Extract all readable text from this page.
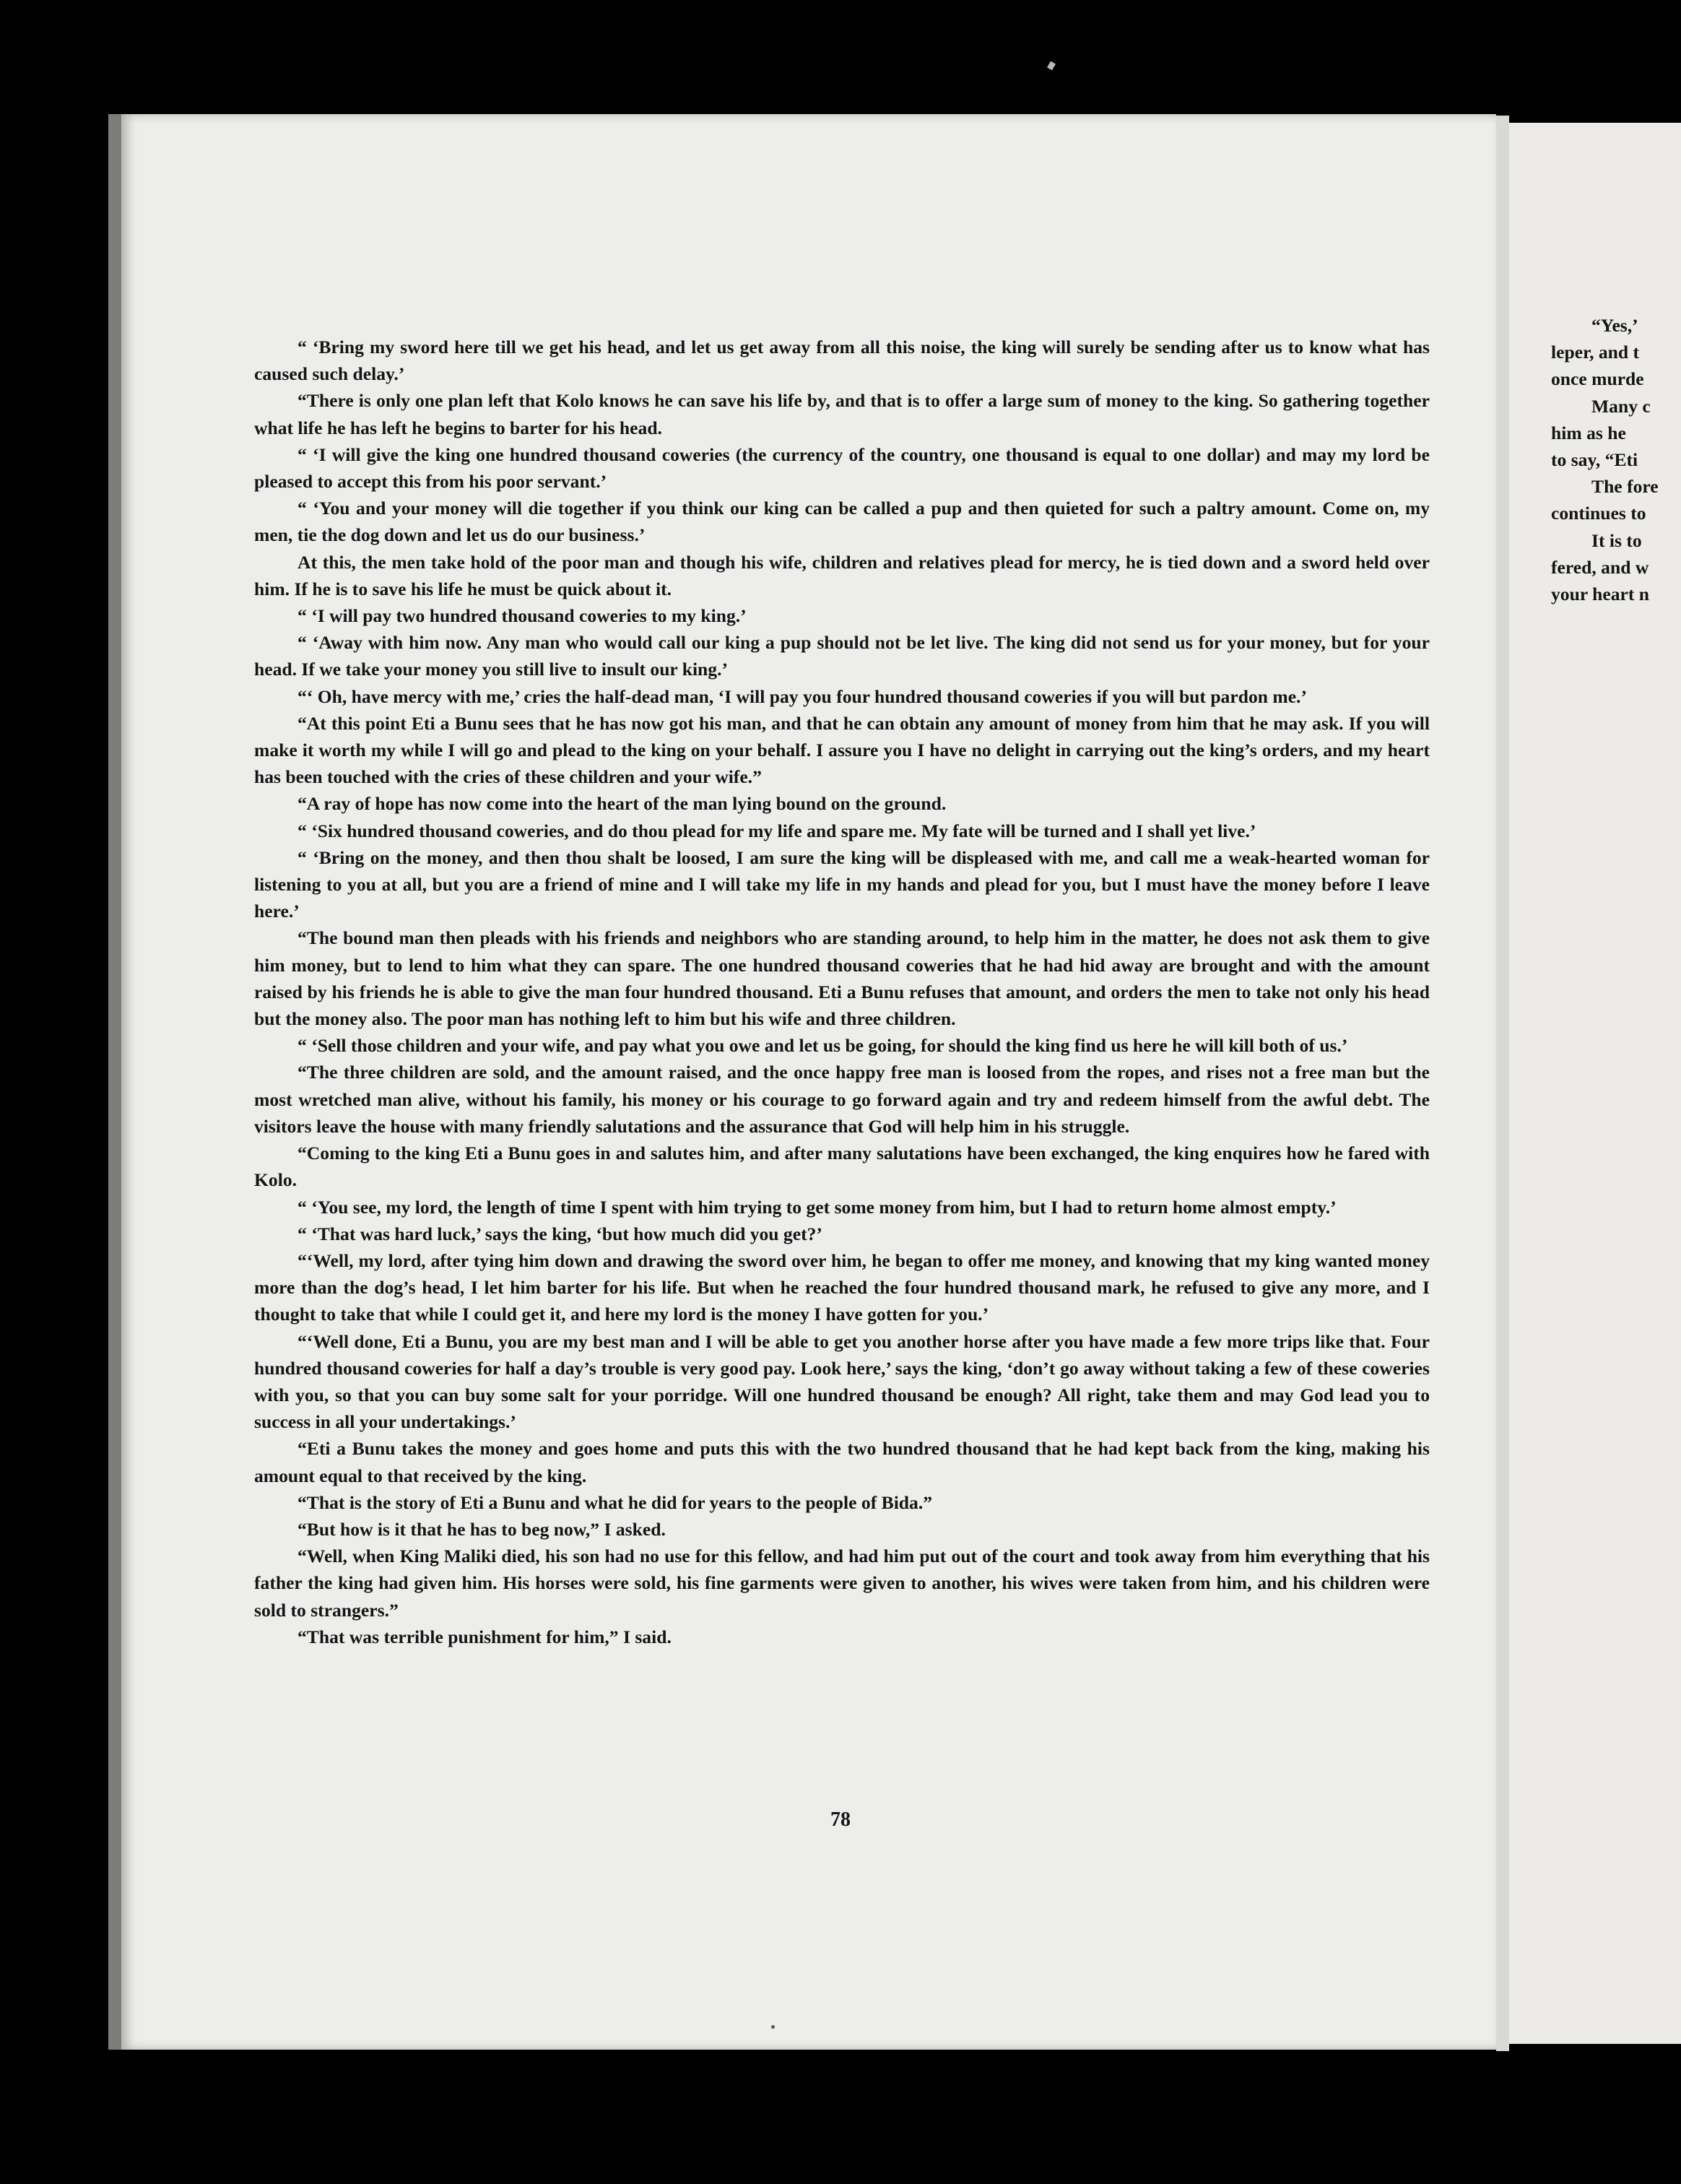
“ ‘Bring my sword here till we get his head, and let us get away from all this noise, the king will surely be sending after us to know what has caused such delay.’

“There is only one plan left that Kolo knows he can save his life by, and that is to offer a large sum of money to the king. So gathering together what life he has left he begins to barter for his head.

“ ‘I will give the king one hundred thousand coweries (the currency of the country, one thousand is equal to one dollar) and may my lord be pleased to accept this from his poor servant.’

“ ‘You and your money will die together if you think our king can be called a pup and then quieted for such a paltry amount. Come on, my men, tie the dog down and let us do our business.’

At this, the men take hold of the poor man and though his wife, children and relatives plead for mercy, he is tied down and a sword held over him. If he is to save his life he must be quick about it.

“ ‘I will pay two hundred thousand coweries to my king.’

“ ‘Away with him now. Any man who would call our king a pup should not be let live. The king did not send us for your money, but for your head. If we take your money you still live to insult our king.’

“‘ Oh, have mercy with me,’ cries the half-dead man, ‘I will pay you four hundred thousand coweries if you will but pardon me.’

“At this point Eti a Bunu sees that he has now got his man, and that he can obtain any amount of money from him that he may ask. If you will make it worth my while I will go and plead to the king on your behalf. I assure you I have no delight in carrying out the king’s orders, and my heart has been touched with the cries of these children and your wife.”

“A ray of hope has now come into the heart of the man lying bound on the ground.

“ ‘Six hundred thousand coweries, and do thou plead for my life and spare me. My fate will be turned and I shall yet live.’

“ ‘Bring on the money, and then thou shalt be loosed, I am sure the king will be displeased with me, and call me a weak-hearted woman for listening to you at all, but you are a friend of mine and I will take my life in my hands and plead for you, but I must have the money before I leave here.’

“The bound man then pleads with his friends and neighbors who are standing around, to help him in the matter, he does not ask them to give him money, but to lend to him what they can spare. The one hundred thousand coweries that he had hid away are brought and with the amount raised by his friends he is able to give the man four hundred thousand. Eti a Bunu refuses that amount, and orders the men to take not only his head but the money also. The poor man has nothing left to him but his wife and three children.

“ ‘Sell those children and your wife, and pay what you owe and let us be going, for should the king find us here he will kill both of us.’

“The three children are sold, and the amount raised, and the once happy free man is loosed from the ropes, and rises not a free man but the most wretched man alive, without his family, his money or his courage to go forward again and try and redeem himself from the awful debt. The visitors leave the house with many friendly salutations and the assurance that God will help him in his struggle.

“Coming to the king Eti a Bunu goes in and salutes him, and after many salutations have been exchanged, the king enquires how he fared with Kolo.

“ ‘You see, my lord, the length of time I spent with him trying to get some money from him, but I had to return home almost empty.’

“ ‘That was hard luck,’ says the king, ‘but how much did you get?’

“‘Well, my lord, after tying him down and drawing the sword over him, he began to offer me money, and knowing that my king wanted money more than the dog’s head, I let him barter for his life. But when he reached the four hundred thousand mark, he refused to give any more, and I thought to take that while I could get it, and here my lord is the money I have gotten for you.’

“‘Well done, Eti a Bunu, you are my best man and I will be able to get you another horse after you have made a few more trips like that. Four hundred thousand coweries for half a day’s trouble is very good pay. Look here,’ says the king, ‘don’t go away without taking a few of these coweries with you, so that you can buy some salt for your porridge. Will one hundred thousand be enough? All right, take them and may God lead you to success in all your undertakings.’

“Eti a Bunu takes the money and goes home and puts this with the two hundred thousand that he had kept back from the king, making his amount equal to that received by the king.

“That is the story of Eti a Bunu and what he did for years to the people of Bida.”

“But how is it that he has to beg now,” I asked.

“Well, when King Maliki died, his son had no use for this fellow, and had him put out of the court and took away from him everything that his father the king had given him. His horses were sold, his fine garments were given to another, his wives were taken from him, and his children were sold to strangers.”

“That was terrible punishment for him,” I said.

78
“Yes,’
leper, and t
once murde
Many c
him as he
to say, “Eti
The fore
continues to
It is to
fered, and w
your heart n
